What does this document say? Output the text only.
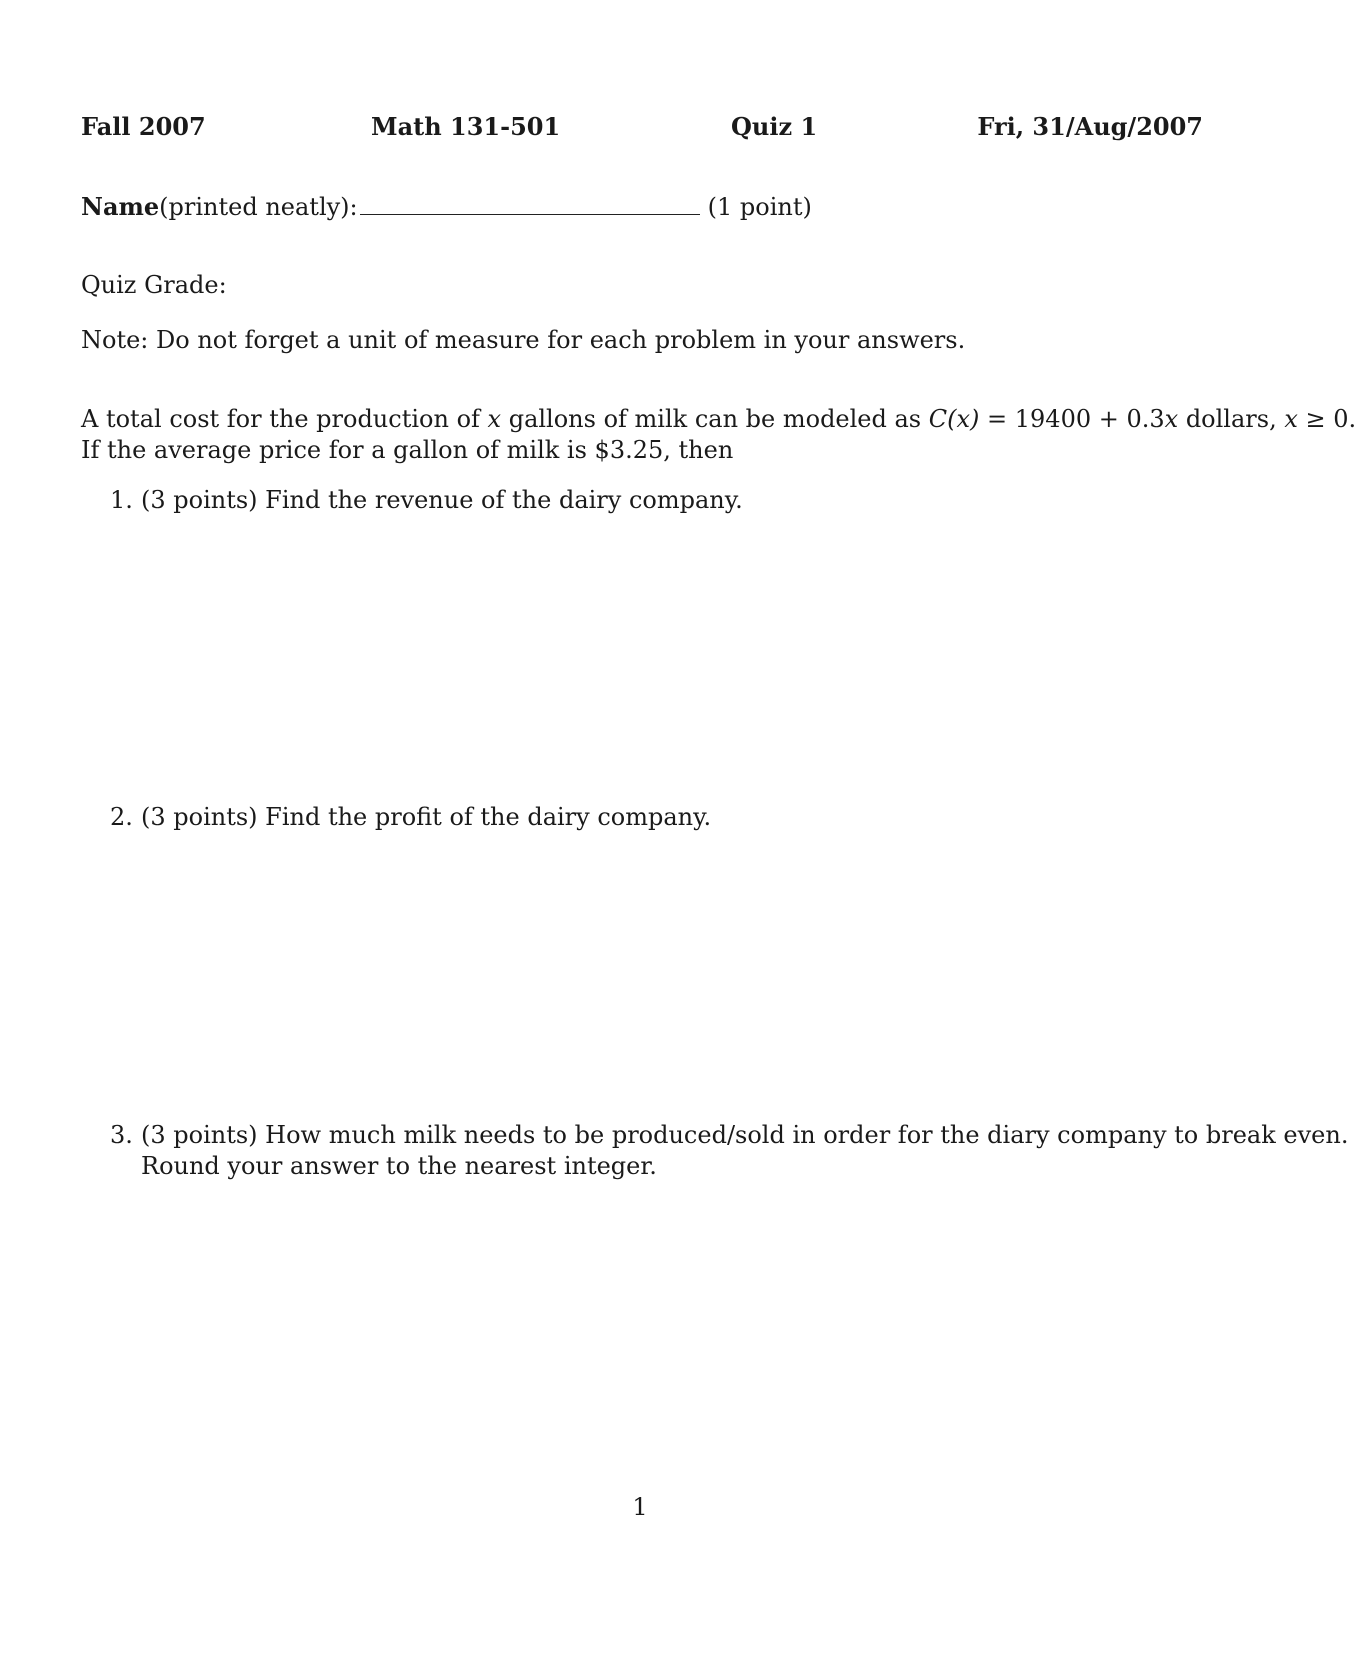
Fall 2007	Math 131-501	Quiz 1	Fri, 31/Aug/2007
Name(printed neatly):	(1 point)
Quiz Grade:
Note: Do not forget a unit of measure for each problem in your answers.
A total cost for the production of x gallons of milk can be modeled as C(x) = 19400 + 0.3x dollars, x ≥ 0.
If the average price for a gallon of milk is $3.25, then
1. (3 points) Find the revenue of the dairy company.
2. (3 points) Find the profit of the dairy company.
3. (3 points) How much milk needs to be produced/sold in order for the diary company to break even.
Round your answer to the nearest integer.
1
